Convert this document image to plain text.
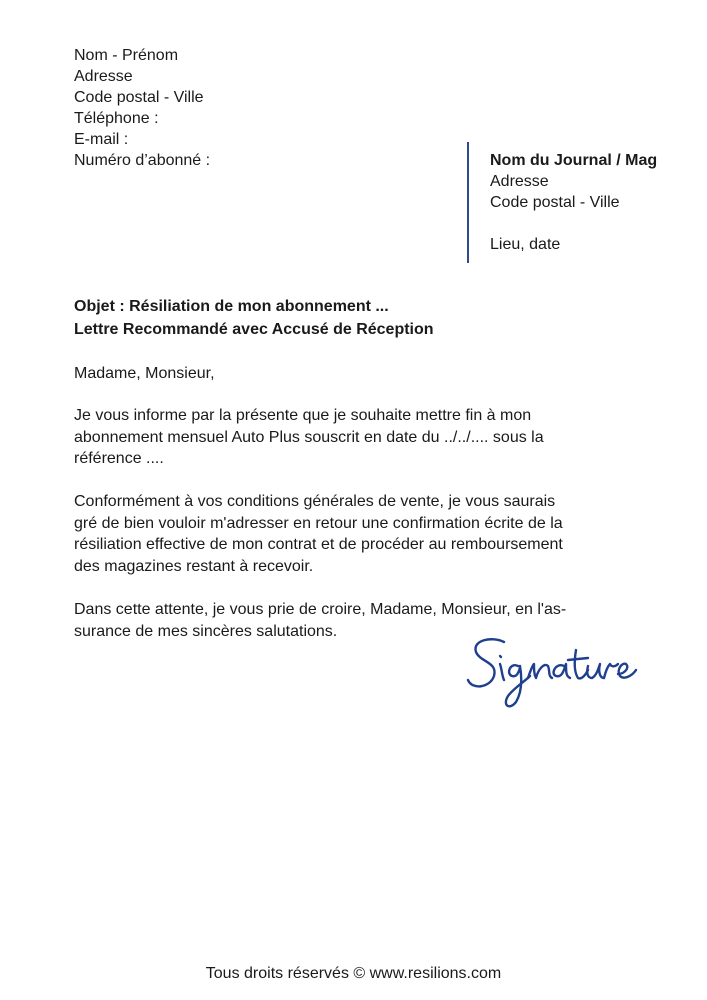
Nom - Prénom
Adresse
Code postal - Ville
Téléphone :
E-mail :
Numéro d’abonné :	Nom du Journal / Mag
Adresse
Code postal - Ville
Lieu, date
Objet : Résiliation de mon abonnement ...
Lettre Recommandé avec Accusé de Réception
Madame, Monsieur,
Je vous informe par la présente que je souhaite mettre fin à mon
abonnement mensuel Auto Plus souscrit en date du ../../.... sous la
référence ....
Conformément à vos conditions générales de vente, je vous saurais
gré de bien vouloir m'adresser en retour une confirmation écrite de la
résiliation effective de mon contrat et de procéder au remboursement
des magazines restant à recevoir.
Dans cette attente, je vous prie de croire, Madame, Monsieur, en l'as-
surance de mes sincères salutations.
Tous droits réservés © www.resilions.com
